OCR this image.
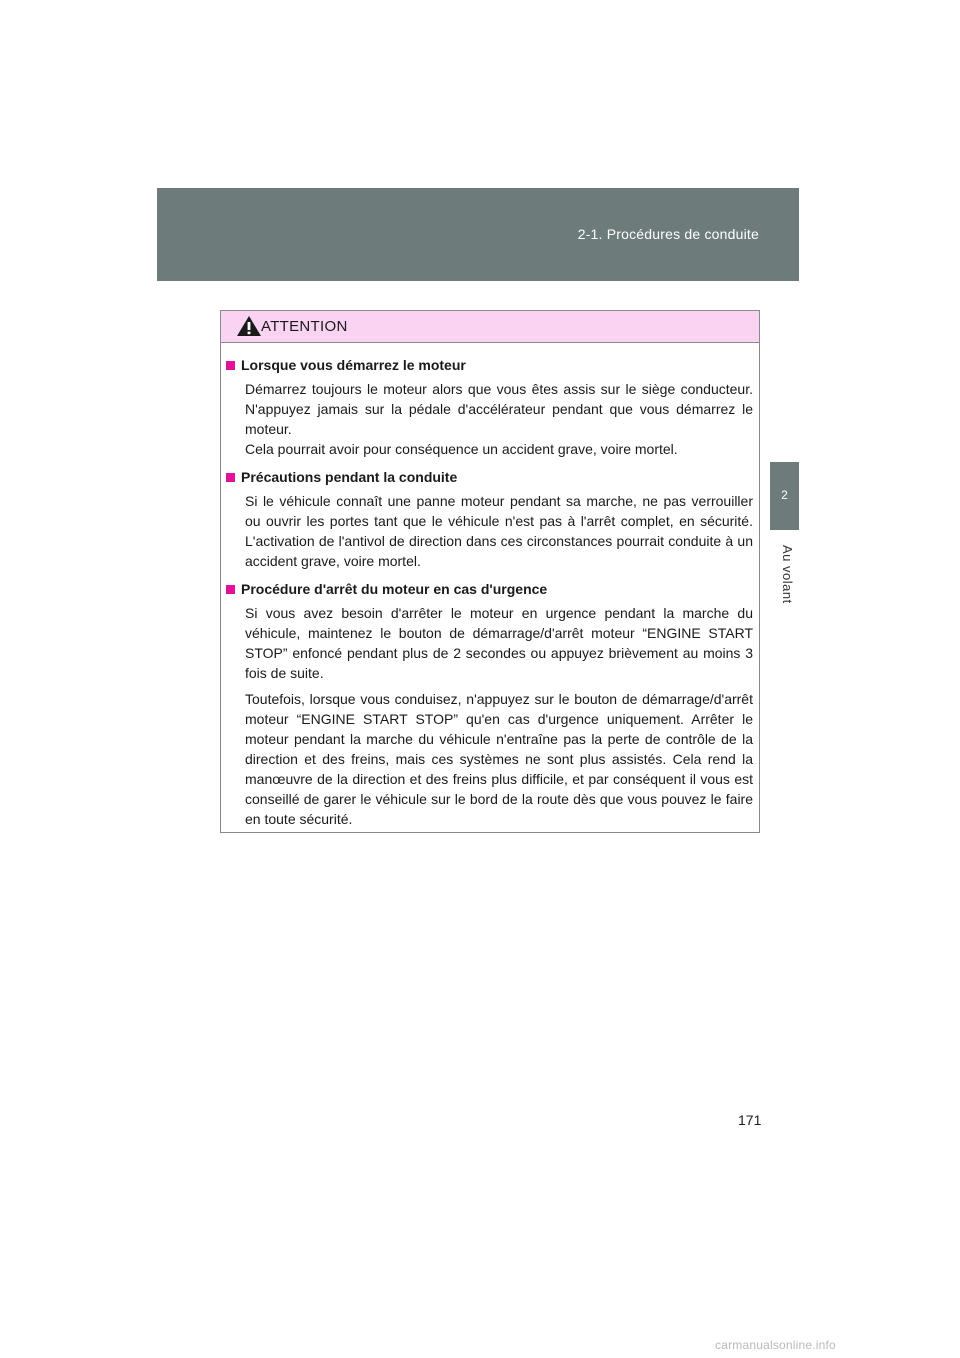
2-1. Procédures de conduite
2
Au volant
ATTENTION
Lorsque vous démarrez le moteur

Démarrez toujours le moteur alors que vous êtes assis sur le siège conducteur. N'appuyez jamais sur la pédale d'accélérateur pendant que vous démarrez le moteur.

Cela pourrait avoir pour conséquence un accident grave, voire mortel.

Précautions pendant la conduite

Si le véhicule connaît une panne moteur pendant sa marche, ne pas verrouiller ou ouvrir les portes tant que le véhicule n'est pas à l'arrêt complet, en sécurité. L'activation de l'antivol de direction dans ces circonstances pourrait conduite à un accident grave, voire mortel.

Procédure d'arrêt du moteur en cas d'urgence

Si vous avez besoin d'arrêter le moteur en urgence pendant la marche du véhicule, maintenez le bouton de démarrage/d'arrêt moteur “ENGINE START STOP” enfoncé pendant plus de 2 secondes ou appuyez brièvement au moins 3 fois de suite.

Toutefois, lorsque vous conduisez, n'appuyez sur le bouton de démarrage/d'arrêt moteur “ENGINE START STOP” qu'en cas d'urgence uniquement. Arrêter le moteur pendant la marche du véhicule n'entraîne pas la perte de contrôle de la direction et des freins, mais ces systèmes ne sont plus assistés. Cela rend la manœuvre de la direction et des freins plus difficile, et par conséquent il vous est conseillé de garer le véhicule sur le bord de la route dès que vous pouvez le faire en toute sécurité.

171
carmanualsonline.info
